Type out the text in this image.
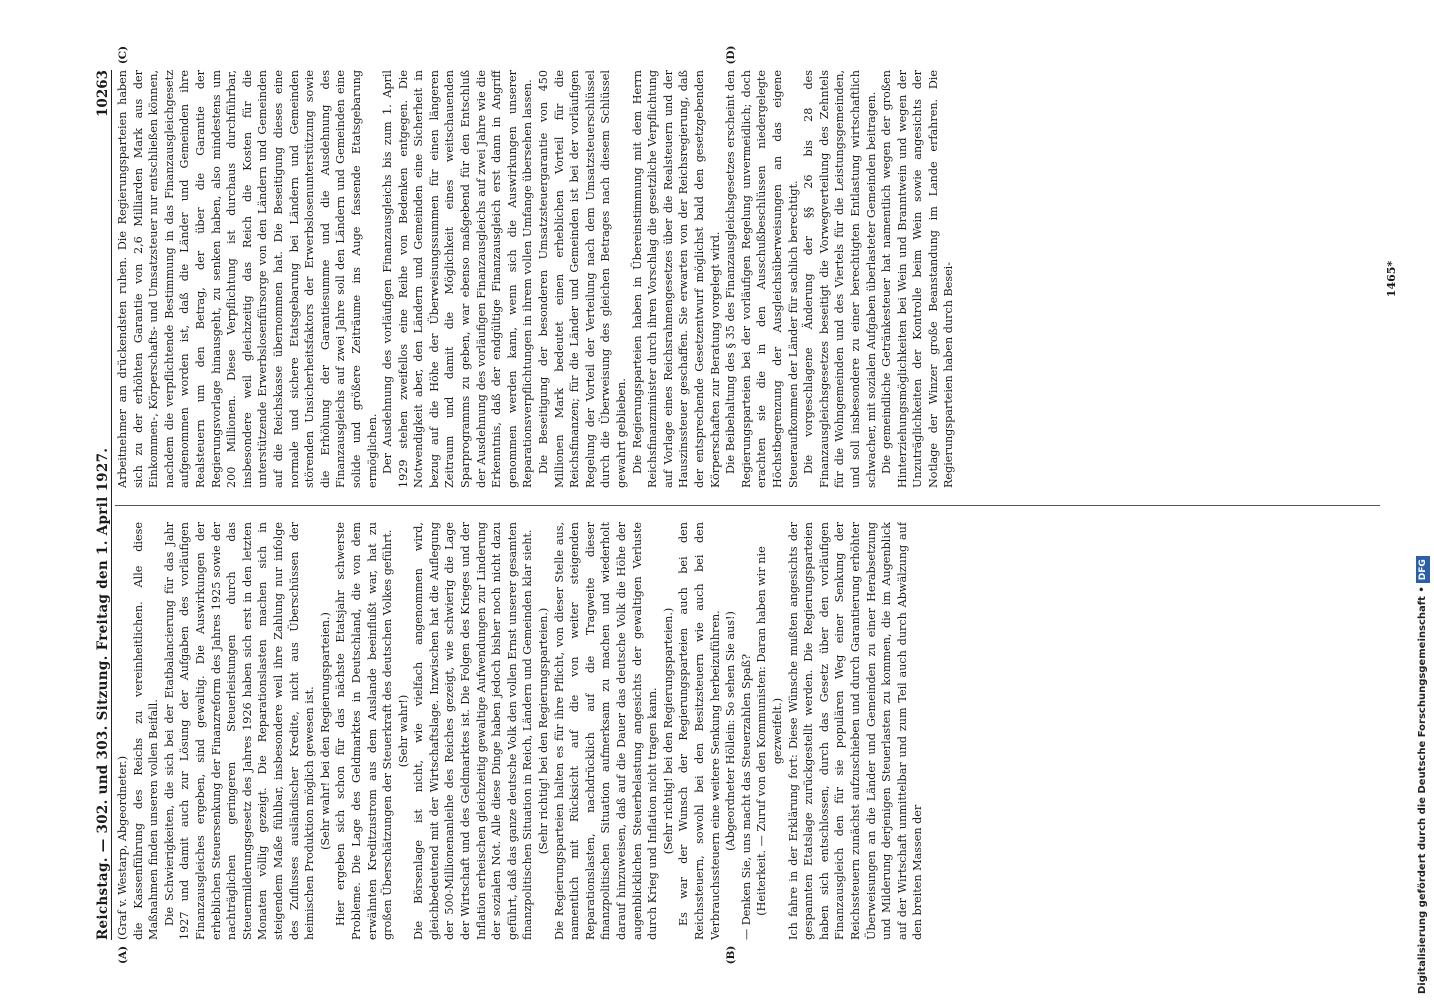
Reichstag. — 302. und 303. Sitzung. Freitag den 1. April 1927.
10263
(A)	(B)
(C)	(D)

(Graf v. Westarp, Abgeordneter.) die Kassenführung des Reichs zu vereinheitlichen. Alle diese Maßnahmen finden unseren vollen Beifall. Die Schwierigkeiten, die sich bei der Etatbalancierung für das Jahr 1927 und damit auch zur Lösung der Aufgaben des vorläufigen Finanzausgleiches ergeben, sind gewaltig. Die Auswirkungen der erheblichen Steuersenkung der Finanzreform des Jahres 1925 sowie der nachträglichen geringeren Steuerleistungen durch das Steuermilderungsgesetz des Jahres 1926 haben sich erst in den letzten Monaten völlig gezeigt. Die Reparationslasten machen sich in steigendem Maße fühlbar, insbesondere weil ihre Zahlung nur infolge des Zuflusses ausländischer Kredite, nicht aus Überschüssen der heimischen Produktion möglich gewesen ist. (Sehr wahr! bei den Regierungsparteien.) Hier ergeben sich schon für das nächste Etatsjahr schwerste Probleme. Die Lage des Geldmarktes in Deutschland, die von dem erwähnten Kreditzustrom aus dem Auslande beeinflußt war, hat zu großen Überschätzungen der Steuerkraft des deutschen Volkes geführt. (Sehr wahr!) Die Börsenlage ist nicht, wie vielfach angenommen wird, gleichbedeutend mit der Wirtschaftslage. Inzwischen hat die Auflegung der 500-Millionenanleihe des Reiches gezeigt, wie schwierig die Lage der Wirtschaft und des Geldmarktes ist. Die Folgen des Krieges und der Inflation erheischen gleichzeitig gewaltige Aufwendungen zur Linderung der sozialen Not. Alle diese Dinge haben jedoch bisher noch nicht dazu geführt, daß das ganze deutsche Volk den vollen Ernst unserer gesamten finanzpolitischen Situation in Reich, Ländern und Gemeinden klar sieht. (Sehr richtig! bei den Regierungsparteien.) Die Regierungsparteien halten es für ihre Pflicht, von dieser Stelle aus, namentlich mit Rücksicht auf die von weiter steigenden Reparationslasten, nachdrücklich auf die Tragweite dieser finanzpolitischen Situation aufmerksam zu machen und wiederholt darauf hinzuweisen, daß auf die Dauer das deutsche Volk die Höhe der augenblicklichen Steuerbelastung angesichts der gewaltigen Verluste durch Krieg und Inflation nicht tragen kann. (Sehr richtig! bei den Regierungsparteien.) Es war der Wunsch der Regierungsparteien auch bei den Reichssteuern, sowohl bei den Besitzsteuern wie auch bei den Verbrauchssteuern eine weitere Senkung herbeizuführen. (Abgeordneter Höllein: So sehen Sie aus!) — Denken Sie, uns macht das Steuerzahlen Spaß? (Heiterkeit. — Zuruf von den Kommunisten: Daran haben wir nie gezweifelt.) Ich fahre in der Erklärung fort: Diese Wünsche mußten angesichts der gespannten Etatslage zurückgestellt werden. Die Regierungsparteien haben sich entschlossen, durch das Gesetz über den vorläufigen Finanzausgleich den für sie populären Weg einer Senkung der Reichssteuern zunächst aufzuschieben und durch Garantierung erhöhter Überweisungen an die Länder und Gemeinden zu einer Herabsetzung und Milderung derjenigen Steuerlasten zu kommen, die im Augenblick auf der Wirtschaft unmittelbar und zum Teil auch durch Abwälzung auf den breiten Massen der

Arbeitnehmer am drückendsten ruhen. Die Regierungsparteien haben sich zu der erhöhten Garantie von 2,6 Milliarden Mark aus der Einkommen-, Körperschafts- und Umsatzsteuer nur entschließen können, nachdem die verpflichtende Bestimmung in das Finanzausgleichgesetz aufgenommen worden ist, daß die Länder und Gemeinden ihre Realsteuern um den Betrag, der über die Garantie der Regierungsvorlage hinausgeht, zu senken haben, also mindestens um 200 Millionen. Diese Verpflichtung ist durchaus durchführbar, insbesondere weil gleichzeitig das Reich die Kosten für die unterstützende Erwerbslosenfürsorge von den Ländern und Gemeinden auf die Reichskasse übernommen hat. Die Beseitigung dieses eine normale und sichere Etatsgebarung bei Ländern und Gemeinden störenden Unsicherheitsfaktors der Erwerbslosenunterstützung sowie die Erhöhung der Garantiesumme und die Ausdehnung des Finanzausgleichs auf zwei Jahre soll den Ländern und Gemeinden eine solide und größere Zeiträume ins Auge fassende Etatsgebarung ermöglichen. Der Ausdehnung des vorläufigen Finanzausgleichs bis zum 1. April 1929 stehen zweifellos eine Reihe von Bedenken entgegen. Die Notwendigkeit aber, den Ländern und Gemeinden eine Sicherheit in bezug auf die Höhe der Überweisungssummen für einen längeren Zeitraum und damit die Möglichkeit eines weitschauenden Sparprogramms zu geben, war ebenso maßgebend für den Entschluß der Ausdehnung des vorläufigen Finanzausgleichs auf zwei Jahre wie die Erkenntnis, daß der endgültige Finanzausgleich erst dann in Angriff genommen werden kann, wenn sich die Auswirkungen unserer Reparationsverpflichtungen in ihrem vollen Umfange übersehen lassen. Die Beseitigung der besonderen Umsatzsteuergarantie von 450 Millionen Mark bedeutet einen erheblichen Vorteil für die Reichsfinanzen; für die Länder und Gemeinden ist bei der vorläufigen Regelung der Vorteil der Verteilung nach dem Umsatzsteuerschlüssel durch die Überweisung des gleichen Betrages nach diesem Schlüssel gewahrt geblieben. Die Regierungsparteien haben in Übereinstimmung mit dem Herrn Reichsfinanzminister durch ihren Vorschlag die gesetzliche Verpflichtung auf Vorlage eines Reichsrahmengesetzes über die Realsteuern und der Hauszinssteuer geschaffen. Sie erwarten von der Reichsregierung, daß der entsprechende Gesetzentwurf möglichst bald den gesetzgebenden Körperschaften zur Beratung vorgelegt wird. Die Beibehaltung des § 35 des Finanzausgleichsgesetzes erscheint den Regierungsparteien bei der vorläufigen Regelung unvermeidlich; doch erachten sie die in den Ausschußbeschlüssen niedergelegte Höchstbegrenzung der Ausgleichsüberweisungen an das eigene Steueraufkommen der Länder für sachlich berechtigt. Die vorgeschlagene Änderung der §§ 26 bis 28 des Finanzausgleichsgesetzes beseitigt die Vorwegverteilung des Zehntels für die Wohngemeinden und des Viertels für die Leistungsgemeinden, und soll insbesondere zu einer berechtigten Entlastung wirtschaftlich schwacher, mit sozialen Aufgaben überlasteter Gemeinden beitragen. Die gemeindliche Getränkesteuer hat namentlich wegen der großen Hinterziehungsmöglichkeiten bei Wein und Branntwein und wegen der Unzuträglichkeiten der Kontrolle beim Wein sowie angesichts der Notlage der Winzer große Beanstandung im Lande erfahren. Die Regierungsparteien haben durch Besei-	1465*
Digitalisierung gefördert durch die Deutsche Forschungsgemeinschaft •DFG
